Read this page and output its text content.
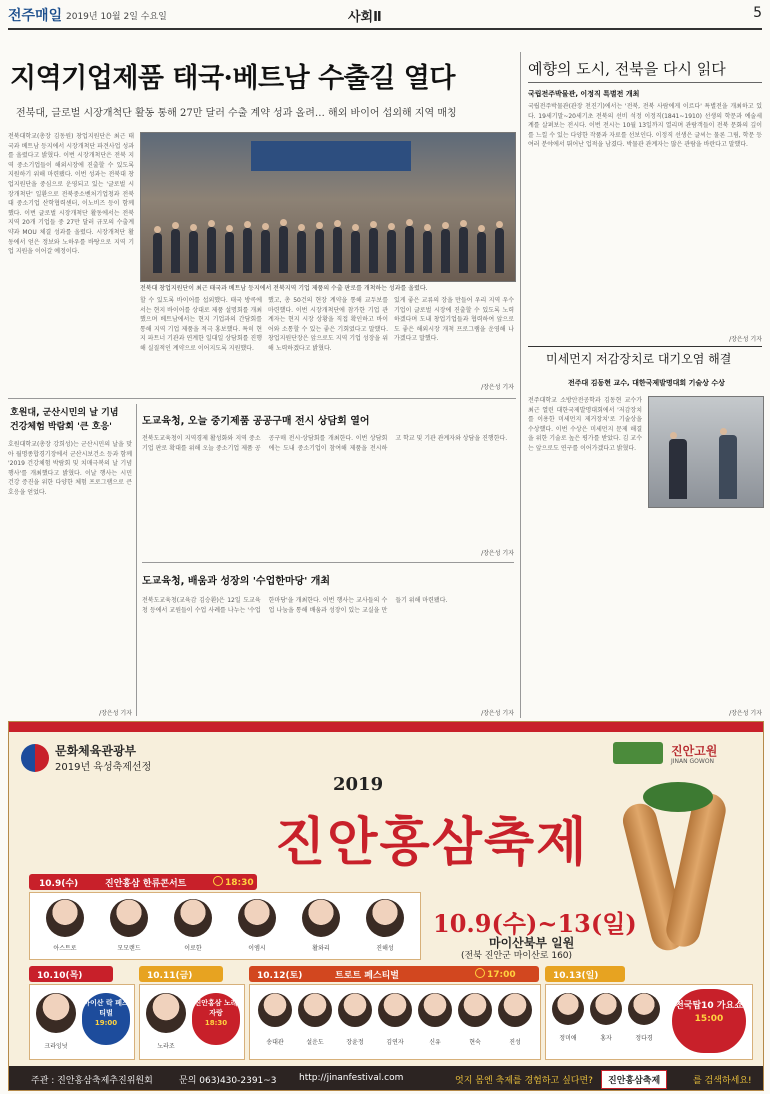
전주매일 2019년 10월 2일 수요일	사회Ⅱ	5
지역기업제품 태국·베트남 수출길 열다
전북대, 글로벌 시장개척단 활동 통해 27만 달러 수출 계약 성과 올려… 해외 바이어 섭외해 지역 매칭
전북대학교(총장 김동원) 창업지원단은 최근 태국과 베트남 등지에서 시장개척단 파견사업 성과를 올렸다고 밝혔다. 이번 시장개척단은 전북 지역 중소기업들이 해외시장에 진출할 수 있도록 지원하기 위해 마련됐다. 이번 성과는 전북대 창업지원단을 중심으로 운영되고 있는 '글로벌 시장개척단' 일환으로 전북중소벤처기업청과 전북대 중소기업 산학협력센터, 이노비즈 등이 함께했다. 이번 글로벌 시장개척단 활동에서는 전북지역 20개 기업들 중 27만 달러 규모의 수출계약과 MOU 체결 성과를 올렸다. 시장개척단 활동에서 얻은 정보와 노하우를 바탕으로 지역 기업 지원을 이어갈 예정이다.
전북대 창업지원단이 최근 태국과 베트남 등지에서 전북지역 기업 제품의 수출 판로를 개척하는 성과를 올렸다.
할 수 있도록 바이어를 섭외했다. 태국 방콕에서는 현지 바이어를 상대로 제품 설명회를 개최했으며 베트남에서는 현지 기업과의 간담회를 통해 지역 기업 제품을 적극 홍보했다. 특히 현지 파트너 기관과 연계한 일대일 상담회를 진행해 실질적인 계약으로 이어지도록 지원했다.
했고, 총 50건의 현장 계약을 통해 교두보를 마련했다. 이번 시장개척단에 참가한 기업 관계자는 현지 시장 상황을 직접 확인하고 바이어와 소통할 수 있는 좋은 기회였다고 말했다. 창업지원단장은 앞으로도 지역 기업 성장을 위해 노력하겠다고 밝혔다.
있게 좋은 교류의 장을 만들어 우리 지역 우수기업이 글로벌 시장에 진출할 수 있도록 노력하겠다며 도내 창업기업들과 협력하여 앞으로도 좋은 해외시장 개척 프로그램을 운영해 나가겠다고 말했다.
/장은성 기자
예향의 도시, 전북을 다시 읽다
국립전주박물관, 이정직 특별전 개최
국립전주박물관(관장 천진기)에서는 '전북, 전북 사람에게 이르다' 특별전을 개최하고 있다. 19세기말~20세기초 전북의 선비 석정 이정직(1841~1910) 선생의 학문과 예술세계를 살펴보는 전시다. 이번 전시는 10월 13일까지 열리며 관람객들이 전북 문화의 깊이를 느낄 수 있는 다양한 작품과 자료를 선보인다. 이정직 선생은 글씨는 물론 그림, 학문 등 여러 분야에서 뛰어난 업적을 남겼다. 박물관 관계자는 많은 관람을 바란다고 말했다.
/장은성 기자
미세먼지 저감장치로 대기오염 해결
전주대 김동현 교수, 대한국제발명대회 기술상 수상
전주대학교 소방안전공학과 김동현 교수가 최근 열린 대한국제발명대회에서 '저감장치를 이용한 미세먼지 제거장치'로 기술상을 수상했다. 이번 수상은 미세먼지 문제 해결을 위한 기술로 높은 평가를 받았다. 김 교수는 앞으로도 연구를 이어가겠다고 밝혔다.
/장은성 기자
호원대, 군산시민의 날 기념 건강체험 박람회 '큰 호응'
호원대학교(총장 강희성)는 군산시민의 날을 맞아 월명종합경기장에서 군산시보건소 등과 함께 '2019 건강체험 박람회 및 치매극복의 날 기념행사'를 개최했다고 밝혔다. 이날 행사는 시민 건강 증진을 위한 다양한 체험 프로그램으로 큰 호응을 얻었다.
/장은성 기자
도교육청, 오늘 중기제품 공공구매 전시 상담회 열어
전북도교육청이 지역경제 활성화와 지역 중소기업 판로 확대를 위해 오늘 중소기업 제품 공공구매 전시·상담회를 개최한다. 이번 상담회에는 도내 중소기업이 참여해 제품을 전시하고 학교 및 기관 관계자와 상담을 진행한다.
/장은성 기자
도교육청, 배움과 성장의 '수업한마당' 개최
전북도교육청(교육감 김승환)은 12일 도교육청 등에서 교원들이 수업 사례를 나누는 '수업한마당'을 개최한다. 이번 행사는 교사들의 수업 나눔을 통해 배움과 성장이 있는 교실을 만들기 위해 마련됐다.
/장은성 기자
문화체육관광부
2019년 육성축제선정
진안고원
JINAN GOWON
2019
진안홍삼축제
10.9(수)	진안홍삼 한류콘서트	18:30
아스트로	모모랜드	이로한	이엠시	활와리	진해성
10.9(수)~13(일)
마이산북부 일원
(전북 진안군 마이산로 160)
10.10(목)
크라잉넛
마이산 락 페스티벌
19:00
10.11(금)
노라조
진안홍삼 노래자랑
18:30
10.12(토)	트로트 페스티벌	17:00
송대관	설운도	장윤정	김연자	신유	현숙	진성
10.13(일)
정미애	홍자	정다경
전국탑10 가요쇼
15:00
주관 : 진안홍삼축제추진위원회	문의 063)430-2391~3 http://jinanfestival.com	엇지 몸엔 축제를 경험하고 싶다면?	진안홍삼축제	를 검색하세요!
